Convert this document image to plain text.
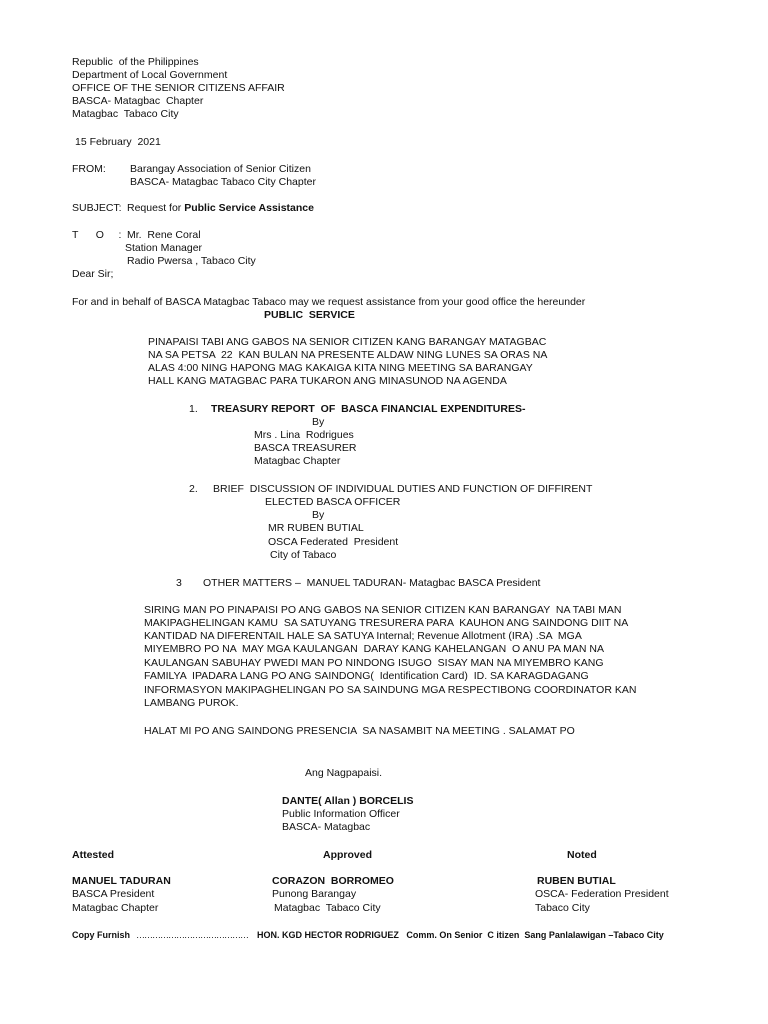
Republic  of the Philippines
Department of Local Government
OFFICE OF THE SENIOR CITIZENS AFFAIR
BASCA- Matagbac  Chapter
Matagbac  Tabaco City
15 February  2021
FROM: Barangay Association of Senior Citizen
BASCA- Matagbac Tabaco City Chapter
SUBJECT: Request for Public Service Assistance
T      O     : Mr.  Rene Coral
Station Manager
Radio Pwersa , Tabaco City
Dear Sir;
For and in behalf of BASCA Matagbac Tabaco may we request assistance from your good office the hereunder
PUBLIC  SERVICE
PINAPAISI TABI ANG GABOS NA SENIOR CITIZEN KANG BARANGAY MATAGBAC
NA SA PETSA  22  KAN BULAN NA PRESENTE ALDAW NING LUNES SA ORAS NA
ALAS 4:00 NING HAPONG MAG KAKAIGA KITA NING MEETING SA BARANGAY
HALL KANG MATAGBAC PARA TUKARON ANG MINASUNOD NA AGENDA
1. TREASURY REPORT  OF  BASCA FINANCIAL EXPENDITURES-
By
Mrs . Lina  Rodrigues
BASCA TREASURER
Matagbac Chapter
2. BRIEF  DISCUSSION OF INDIVIDUAL DUTIES AND FUNCTION OF DIFFIRENT
ELECTED BASCA OFFICER
By
MR RUBEN BUTIAL
OSCA Federated  President
City of Tabaco
3 OTHER MATTERS –  MANUEL TADURAN- Matagbac BASCA President
SIRING MAN PO PINAPAISI PO ANG GABOS NA SENIOR CITIZEN KAN BARANGAY  NA TABI MAN
MAKIPAGHELINGAN KAMU  SA SATUYANG TRESURERA PARA  KAUHON ANG SAINDONG DIIT NA
KANTIDAD NA DIFERENTAIL HALE SA SATUYA Internal; Revenue Allotment (IRA) .SA  MGA
MIYEMBRO PO NA  MAY MGA KAULANGAN  DARAY KANG KAHELANGAN  O ANU PA MAN NA
KAULANGAN SABUHAY PWEDI MAN PO NINDONG ISUGO  SISAY MAN NA MIYEMBRO KANG
FAMILYA  IPADARA LANG PO ANG SAINDONG(  Identification Card)  ID. SA KARAGDAGANG
INFORMASYON MAKIPAGHELINGAN PO SA SAINDUNG MGA RESPECTIBONG COORDINATOR KAN
LAMBANG PUROK.
HALAT MI PO ANG SAINDONG PRESENCIA  SA NASAMBIT NA MEETING . SALAMAT PO
Ang Nagpapaisi.
DANTE( Allan ) BORCELIS
Public Information Officer
BASCA- Matagbac
Attested	Approved	Noted
MANUEL TADURAN
BASCA President
Matagbac Chapter
CORAZON  BORROMEO
Punong Barangay
Matagbac  Tabaco City
RUBEN BUTIAL
OSCA- Federation President
Tabaco City
Copy Furnish …………………………………… HON. KGD HECTOR RODRIGUEZ   Comm. On Senior  C itizen  Sang Panlalawigan –Tabaco City
